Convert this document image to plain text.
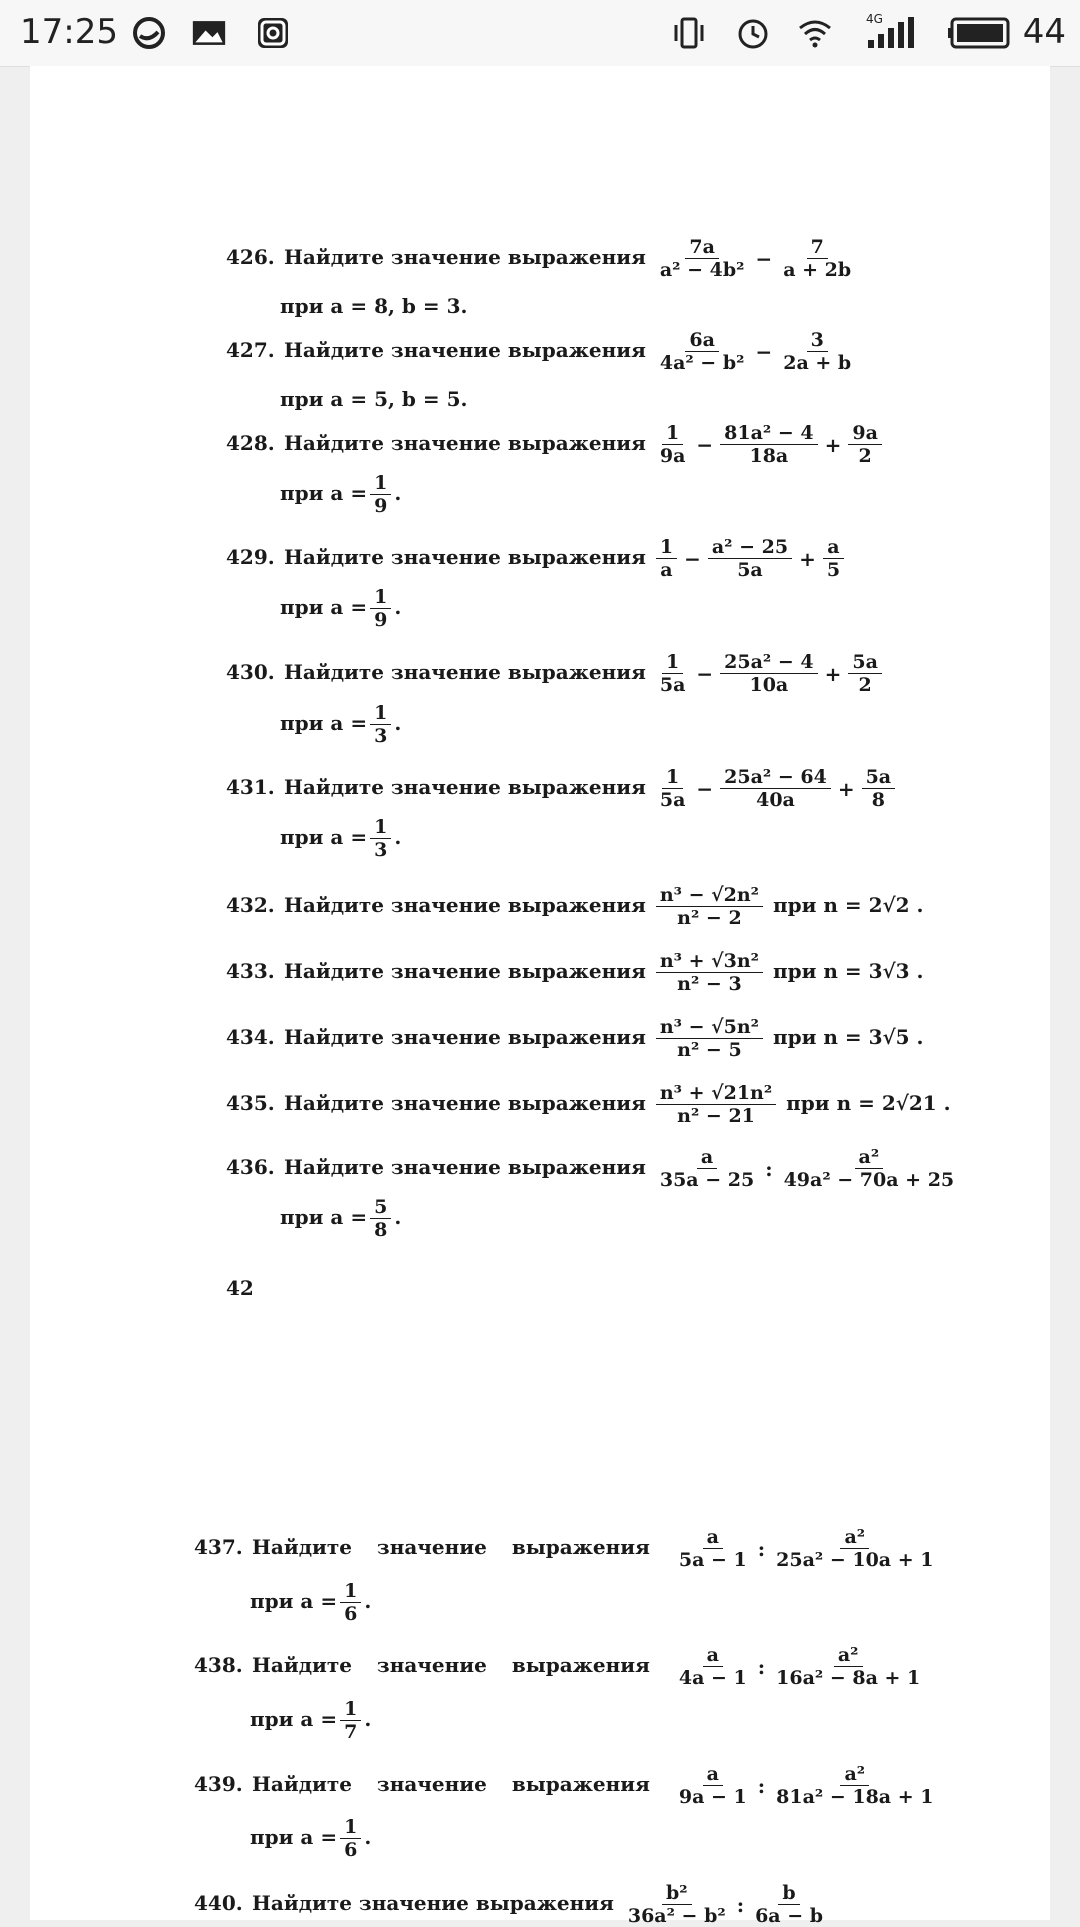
17:25	4G	44
426. Найдите значение выражения $\frac{7a}{\text{a² − 4b²}} - \frac{7}{a + 2b}$
при a = 8, b = 3.
427. Найдите значение выражения $\frac{6a}{\text{4a² − b²}} - \frac{3}{2a + b}$
при a = 5, b = 5.
428. Найдите значение выражения $\frac{1}{9a} - \frac{\text{81a² − 4}}{18a} + \frac{9a}{2}$
при $a = \frac{1}{9}$ .
429. Найдите значение выражения $\frac{1}{a} - \frac{\text{a² − 25}}{5a} + \frac{a}{5}$
при $a = \frac{1}{9}$ .
430. Найдите значение выражения $\frac{1}{5a} - \frac{\text{25a² − 4}}{10a} + \frac{5a}{2}$
при $a = \frac{1}{3}$ .
431. Найдите значение выражения $\frac{1}{5a} - \frac{\text{25a² − 64}}{40a} + \frac{5a}{8}$
при $a = \frac{1}{3}$ .
432. Найдите значение выражения $\frac{\text{n³ − √2n²}}{\text{n² − 2}}$ при n = 2√2 .
433. Найдите значение выражения $\frac{\text{n³ + √3n²}}{\text{n² − 3}}$ при n = 3√3 .
434. Найдите значение выражения $\frac{\text{n³ − √5n²}}{\text{n² − 5}}$ при n = 3√5 .
435. Найдите значение выражения $\frac{\text{n³ + √21n²}}{\text{n² − 21}}$ при n = 2√21 .
436. Найдите значение выражения $\frac{a}{35a - 25}$ : $\frac{\text{a²}}{\text{49a² − 70a + 25}}$
при $a = \frac{5}{8}$ .
42
437. Найдите значение выражения $\frac{a}{5a - 1}$ : $\frac{\text{a²}}{\text{25a² − 10a + 1}}$
при $a = \frac{1}{6}$ .
438. Найдите значение выражения $\frac{a}{4a - 1}$ : $\frac{\text{a²}}{\text{16a² − 8a + 1}}$
при $a = \frac{1}{7}$ .
439. Найдите значение выражения $\frac{a}{9a - 1}$ : $\frac{\text{a²}}{\text{81a² − 18a + 1}}$
при $a = \frac{1}{6}$ .
440. Найдите значение выражения $\frac{\text{b²}}{\text{36a² − b²}}$ : $\frac{b}{6a - b}$
